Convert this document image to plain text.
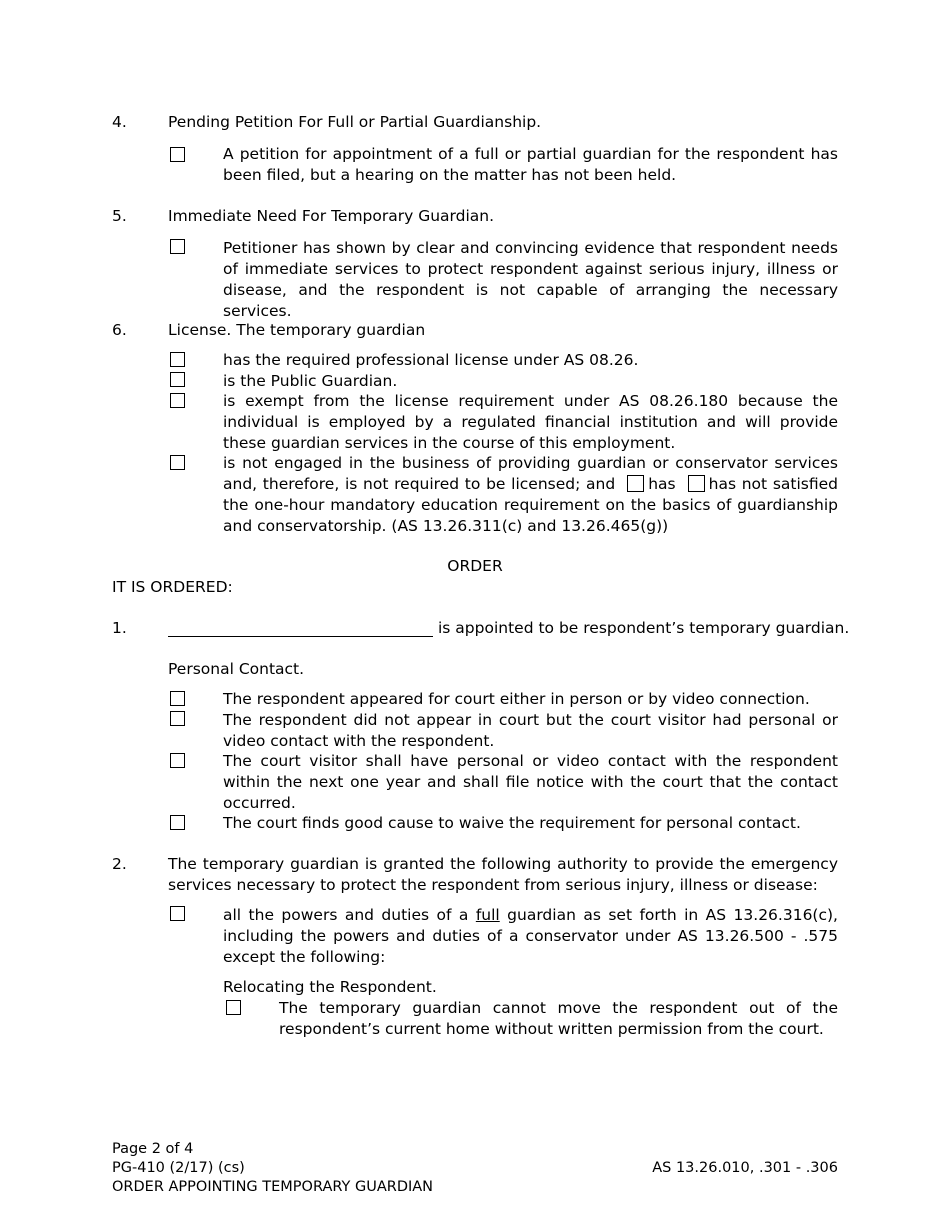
4.	Pending Petition For Full or Partial Guardianship.
A petition for appointment of a full or partial guardian for the respondent has been filed, but a hearing on the matter has not been held.
5.	Immediate Need For Temporary Guardian.
Petitioner has shown by clear and convincing evidence that respondent needs of immediate services to protect respondent against serious injury, illness or disease, and the respondent is not capable of arranging the necessary services.
6.	License. The temporary guardian
has the required professional license under AS 08.26.
is the Public Guardian.
is exempt from the license requirement under AS 08.26.180 because the individual is employed by a regulated financial institution and will provide these guardian services in the course of this employment.
is not engaged in the business of providing guardian or conservator services and, therefore, is not required to be licensed; and has has not satisfied the one-hour mandatory education requirement on the basics of guardianship and conservatorship. (AS 13.26.311(c) and 13.26.465(g))
ORDER
IT IS ORDERED:
1.	is appointed to be respondent’s temporary guardian.
Personal Contact.
The respondent appeared for court either in person or by video connection.
The respondent did not appear in court but the court visitor had personal or video contact with the respondent.
The court visitor shall have personal or video contact with the respondent within the next one year and shall file notice with the court that the contact occurred.
The court finds good cause to waive the requirement for personal contact.
2.	The temporary guardian is granted the following authority to provide the emergency services necessary to protect the respondent from serious injury, illness or disease:
all the powers and duties of a full guardian as set forth in AS 13.26.316(c), including the powers and duties of a conservator under AS 13.26.500 - .575 except the following:
Relocating the Respondent.
The temporary guardian cannot move the respondent out of the respondent’s current home without written permission from the court.
Page 2 of 4
PG-410 (2/17) (cs)
ORDER APPOINTING TEMPORARY GUARDIAN
AS 13.26.010, .301 - .306
